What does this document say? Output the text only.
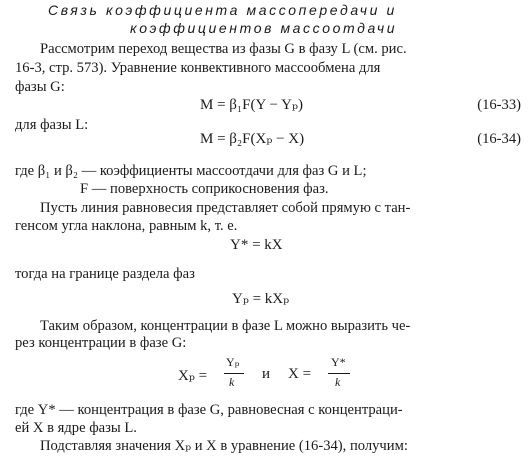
Связь коэффициента массопередачи и

коэффициентов массоотдачи

Рассмотрим переход вещества из фазы G в фазу L (см. рис.

16-3, стр. 573). Уравнение конвективного массообмена для

фазы G:

M = β₁F(Y − Yₚ)	(16-33)

для фазы L:

M = β₂F(Xₚ − X)	(16-34)

где β₁ и β₂ — коэффициенты массоотдачи для фаз G и L;

F — поверхность соприкосновения фаз.

Пусть линия равновесия представляет собой прямую с тан-

генсом угла наклона, равным k, т. е.

Y* = kX

тогда на границе раздела фаз

Yₚ = kXₚ

Таким образом, концентрации в фазе L можно выразить че-

рез концентрации в фазе G:

Xₚ =
Yₚ
k и X =
Y*
k

где Y* — концентрация в фазе G, равновесная с концентраци-

ей X в ядре фазы L.

Подставляя значения Xₚ и X в уравнение (16-34), получим:
